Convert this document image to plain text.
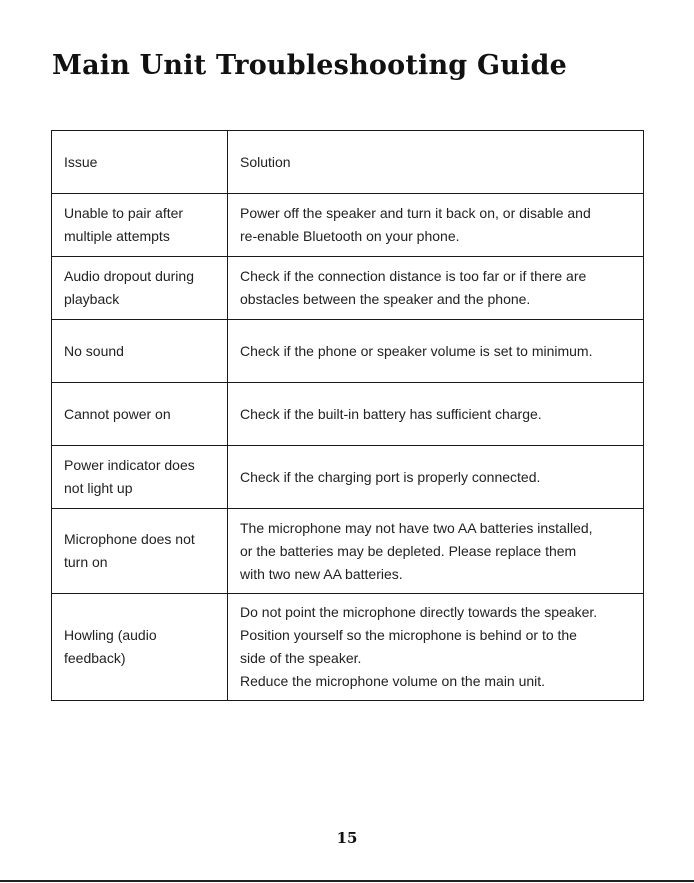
Main Unit Troubleshooting Guide
Issue	Solution

Unable to pair after
multiple attempts	Power off the speaker and turn it back on, or disable and
re-enable Bluetooth on your phone.

Audio dropout during
playback	Check if the connection distance is too far or if there are
obstacles between the speaker and the phone.

No sound	Check if the phone or speaker volume is set to minimum.

Cannot power on	Check if the built-in battery has sufficient charge.

Power indicator does
not light up	Check if the charging port is properly connected.

Microphone does not
turn on	The microphone may not have two AA batteries installed,
or the batteries may be depleted. Please replace them
with two new AA batteries.

Howling (audio
feedback)	Do not point the microphone directly towards the speaker.
Position yourself so the microphone is behind or to the
side of the speaker.
Reduce the microphone volume on the main unit.
15
